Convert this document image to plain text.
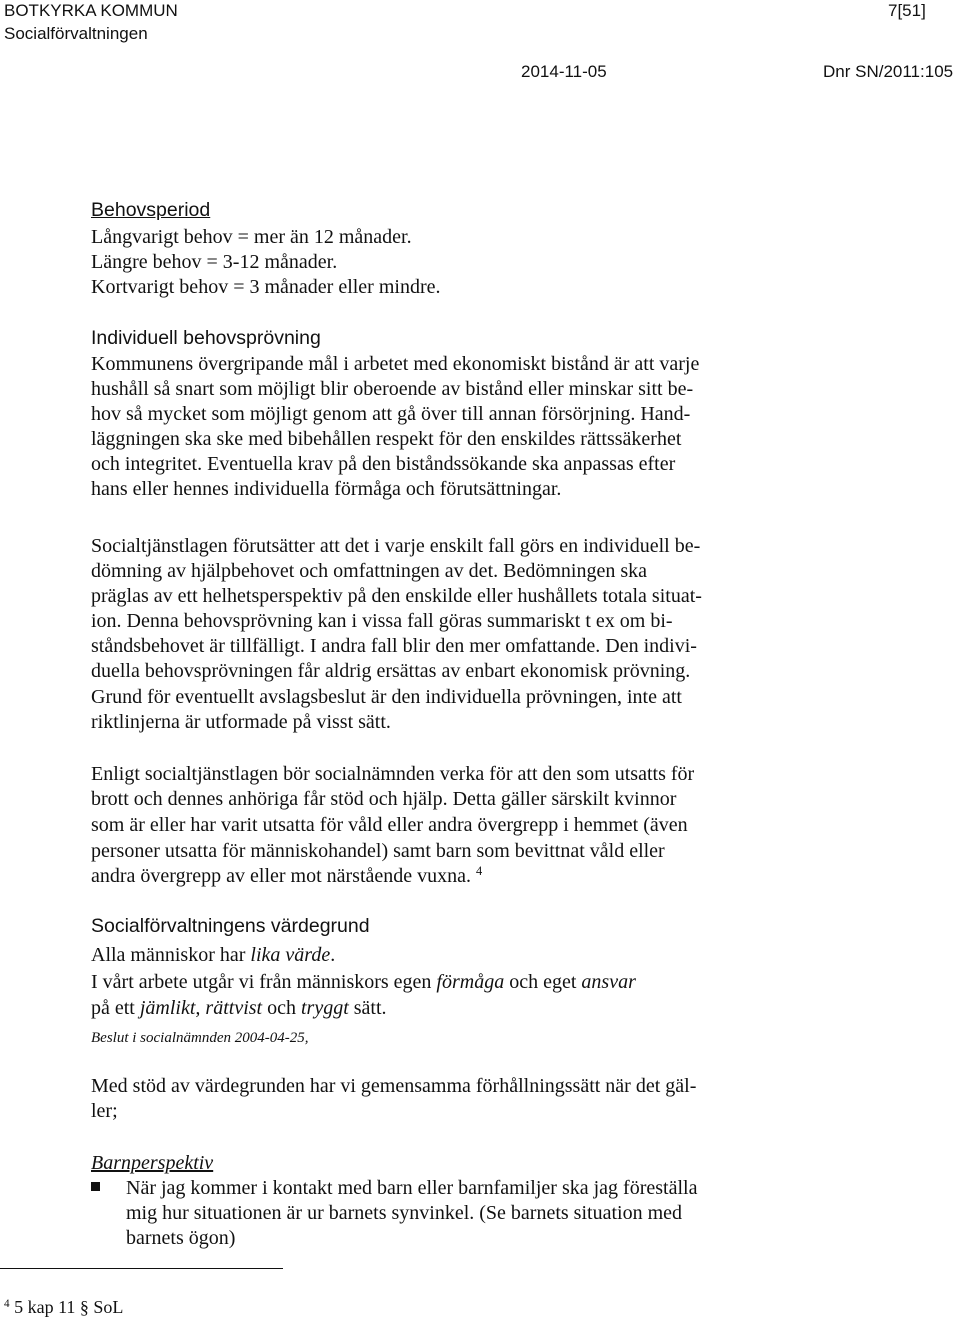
BOTKYRKA KOMMUN
Socialförvaltningen
7[51]
2014-11-05	Dnr SN/2011:105
Behovsperiod
Långvarigt behov = mer än 12 månader.
Längre behov = 3-12 månader.
Kortvarigt behov = 3 månader eller mindre.
Individuell behovsprövning
Kommunens övergripande mål i arbetet med ekonomiskt bistånd är att varje
hushåll så snart som möjligt blir oberoende av bistånd eller minskar sitt be-
hov så mycket som möjligt genom att gå över till annan försörjning. Hand-
läggningen ska ske med bibehållen respekt för den enskildes rättssäkerhet
och integritet. Eventuella krav på den biståndssökande ska anpassas efter
hans eller hennes individuella förmåga och förutsättningar.
Socialtjänstlagen förutsätter att det i varje enskilt fall görs en individuell be-
dömning av hjälpbehovet och omfattningen av det. Bedömningen ska
präglas av ett helhetsperspektiv på den enskilde eller hushållets totala situat-
ion. Denna behovsprövning kan i vissa fall göras summariskt t ex om bi-
ståndsbehovet är tillfälligt. I andra fall blir den mer omfattande. Den indivi-
duella behovsprövningen får aldrig ersättas av enbart ekonomisk prövning.
Grund för eventuellt avslagsbeslut är den individuella prövningen, inte att
riktlinjerna är utformade på visst sätt.
Enligt socialtjänstlagen bör socialnämnden verka för att den som utsatts för
brott och dennes anhöriga får stöd och hjälp. Detta gäller särskilt kvinnor
som är eller har varit utsatta för våld eller andra övergrepp i hemmet (även
personer utsatta för människohandel) samt barn som bevittnat våld eller
andra övergrepp av eller mot närstående vuxna. $^4$
Socialförvaltningens värdegrund
Alla människor har lika värde.
I vårt arbete utgår vi från människors egen förmåga och eget ansvar
på ett jämlikt, rättvist och tryggt sätt.
Beslut i socialnämnden 2004-04-25,
Med stöd av värdegrunden har vi gemensamma förhållningssätt när det gäl-
ler;
Barnperspektiv
När jag kommer i kontakt med barn eller barnfamiljer ska jag föreställa
mig hur situationen är ur barnets synvinkel. (Se barnets situation med
barnets ögon)
$^4$ 5 kap 11 § SoL
